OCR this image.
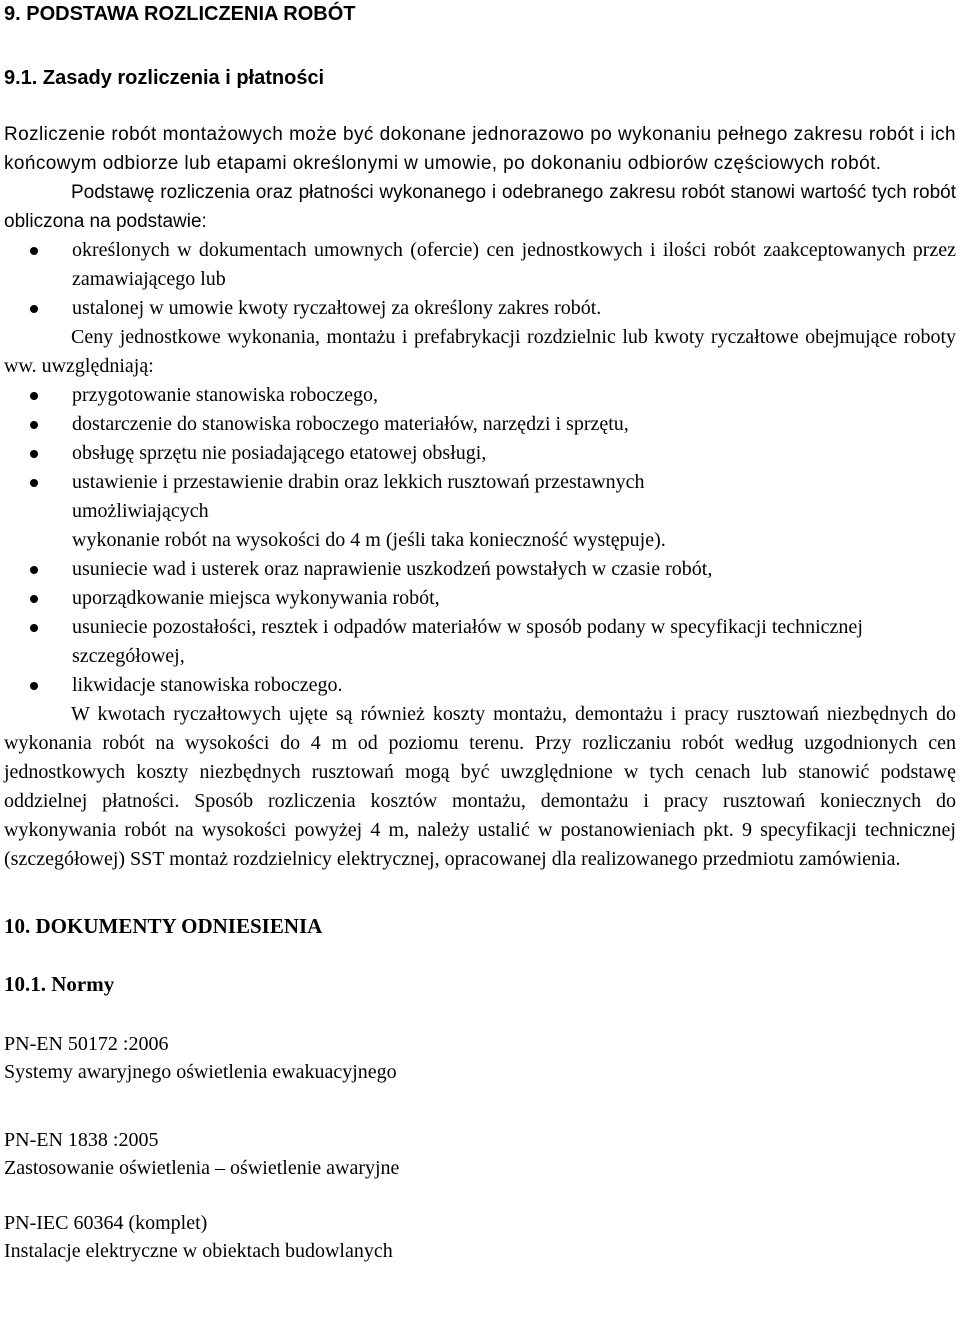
9. PODSTAWA ROZLICZENIA ROBÓT
9.1. Zasady rozliczenia i płatności

Rozliczenie robót montażowych może być dokonane jednorazowo po wykonaniu pełnego zakresu robót i ich końcowym odbiorze lub etapami określonymi w umowie, po dokonaniu odbiorów częściowych robót.

Podstawę rozliczenia oraz płatności wykonanego i odebranego zakresu robót stanowi wartość tych robót obliczona na podstawie:

określonych w dokumentach umownych (ofercie) cen jednostkowych i ilości robót zaakceptowanych przez zamawiającego lub
ustalonej w umowie kwoty ryczałtowej za określony zakres robót.

Ceny jednostkowe wykonania, montażu i prefabrykacji rozdzielnic lub kwoty ryczałtowe obejmujące roboty ww. uwzględniają:

przygotowanie stanowiska roboczego,
dostarczenie do stanowiska roboczego materiałów, narzędzi i sprzętu,
obsługę sprzętu nie posiadającego etatowej obsługi,
ustawienie i przestawienie drabin oraz lekkich rusztowań przestawnych umożliwiających
wykonanie robót na wysokości do 4 m (jeśli taka konieczność występuje).
usuniecie wad i usterek oraz naprawienie uszkodzeń powstałych w czasie robót,
uporządkowanie miejsca wykonywania robót,
usuniecie pozostałości, resztek i odpadów materiałów w sposób podany w specyfikacji technicznej szczegółowej,
likwidacje stanowiska roboczego.

W kwotach ryczałtowych ujęte są również koszty montażu, demontażu i pracy rusztowań niezbędnych do wykonania robót na wysokości do 4 m od poziomu terenu. Przy rozliczaniu robót według uzgodnionych cen jednostkowych koszty niezbędnych rusztowań mogą być uwzględnione w tych cenach lub stanowić podstawę oddzielnej płatności. Sposób rozliczenia kosztów montażu, demontażu i pracy rusztowań koniecznych do wykonywania robót na wysokości powyżej 4 m, należy ustalić w postanowieniach pkt. 9 specyfikacji technicznej (szczegółowej) SST montaż rozdzielnicy elektrycznej, opracowanej dla realizowanego przedmiotu zamówienia.

10. DOKUMENTY ODNIESIENIA
10.1. Normy

PN-EN 50172 :2006

Systemy awaryjnego oświetlenia ewakuacyjnego

PN-EN 1838 :2005

Zastosowanie oświetlenia – oświetlenie awaryjne

PN-IEC 60364 (komplet)

Instalacje elektryczne w obiektach budowlanych
